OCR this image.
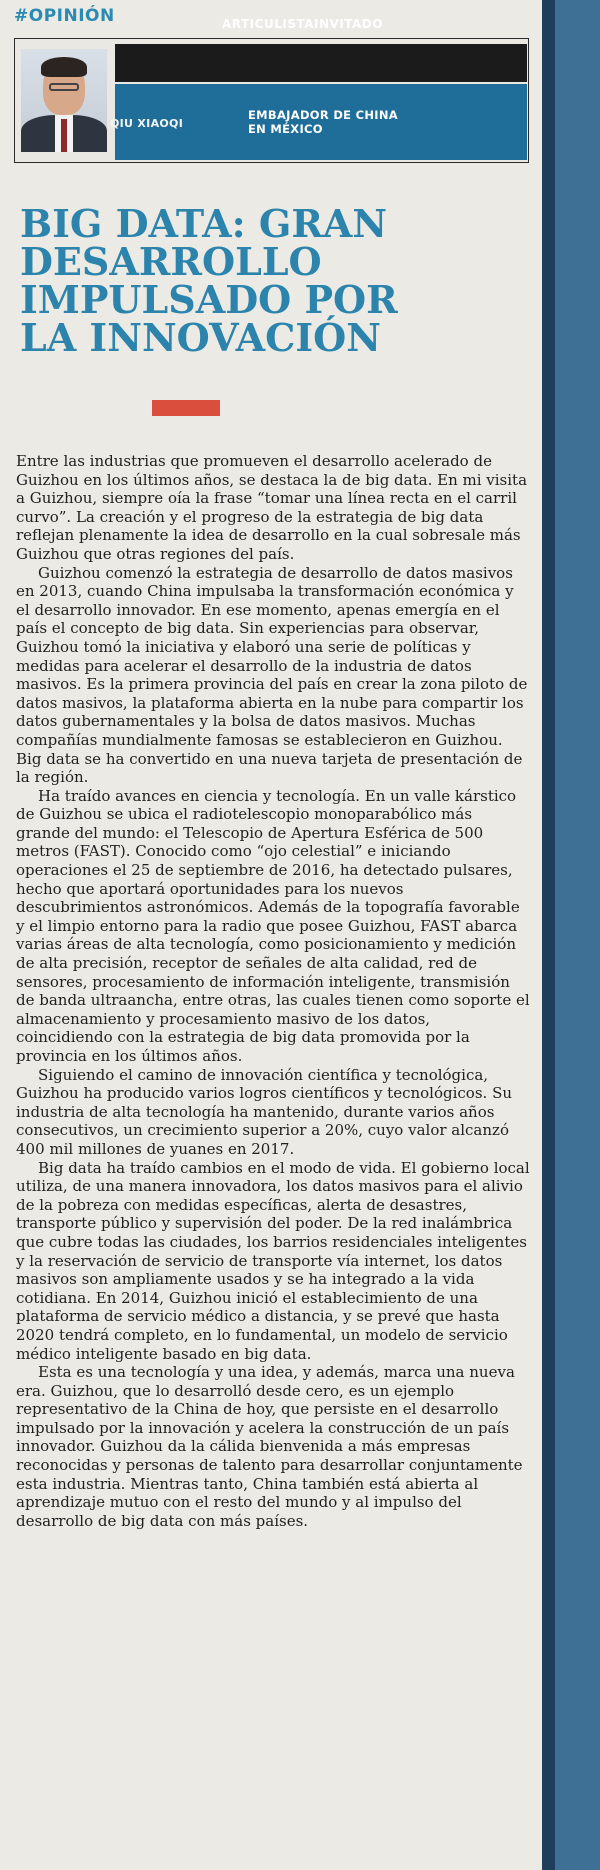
#OPINIÓN	ARTICULISTAINVITADO
QIU XIAOQI
EMBAJADOR DE CHINA
EN MÉXICO
BIG DATA: GRAN
DESARROLLO
IMPULSADO POR
LA INNOVACIÓN

Entre las industrias que promueven el desarrollo acelerado de Guizhou en los últimos años, se destaca la de big data. En mi visita a Guizhou, siempre oía la frase “tomar una línea recta en el carril curvo”. La creación y el progreso de la estrategia de big data reflejan plenamente la idea de desarrollo en la cual sobresale más Guizhou que otras regiones del país.

Guizhou comenzó la estrategia de desarrollo de datos masivos en 2013, cuando China impulsaba la transformación económica y el desarrollo innovador. En ese momento, apenas emergía en el país el concepto de big data. Sin experiencias para observar, Guizhou tomó la iniciativa y elaboró una serie de políticas y medidas para acelerar el desarrollo de la industria de datos masivos. Es la primera provincia del país en crear la zona piloto de datos masivos, la plataforma abierta en la nube para compartir los datos gubernamentales y la bolsa de datos masivos. Muchas compañías mundialmente famosas se establecieron en Guizhou. Big data se ha convertido en una nueva tarjeta de presentación de la región.

Ha traído avances en ciencia y tecnología. En un valle kárstico de Guizhou se ubica el radiotelescopio monoparabólico más grande del mundo: el Telescopio de Apertura Esférica de 500 metros (FAST). Conocido como “ojo celestial” e iniciando operaciones el 25 de septiembre de 2016, ha detectado pulsares, hecho que aportará oportunidades para los nuevos descubrimientos astronómicos. Además de la topografía favorable y el limpio entorno para la radio que posee Guizhou, FAST abarca varias áreas de alta tecnología, como posicionamiento y medición de alta precisión, receptor de señales de alta calidad, red de sensores, procesamiento de información inteligente, transmisión de banda ultraancha, entre otras, las cuales tienen como soporte el almacenamiento y procesamiento masivo de los datos, coincidiendo con la estrategia de big data promovida por la provincia en los últimos años.

Siguiendo el camino de innovación científica y tecnológica, Guizhou ha producido varios logros científicos y tecnológicos. Su industria de alta tecnología ha mantenido, durante varios años consecutivos, un crecimiento superior a 20%, cuyo valor alcanzó 400 mil millones de yuanes en 2017.

Big data ha traído cambios en el modo de vida. El gobierno local utiliza, de una manera innovadora, los datos masivos para el alivio de la pobreza con medidas específicas, alerta de desastres, transporte público y supervisión del poder. De la red inalámbrica que cubre todas las ciudades, los barrios residenciales inteligentes y la reservación de servicio de transporte vía internet, los datos masivos son ampliamente usados y se ha integrado a la vida cotidiana. En 2014, Guizhou inició el establecimiento de una plataforma de servicio médico a distancia, y se prevé que hasta 2020 tendrá completo, en lo fundamental, un modelo de servicio médico inteligente basado en big data.

Esta es una tecnología y una idea, y además, marca una nueva era. Guizhou, que lo desarrolló desde cero, es un ejemplo representativo de la China de hoy, que persiste en el desarrollo impulsado por la innovación y acelera la construcción de un país innovador. Guizhou da la cálida bienvenida a más empresas reconocidas y personas de talento para desarrollar conjuntamente esta industria. Mientras tanto, China también está abierta al aprendizaje mutuo con el resto del mundo y al impulso del desarrollo de big data con más países.
